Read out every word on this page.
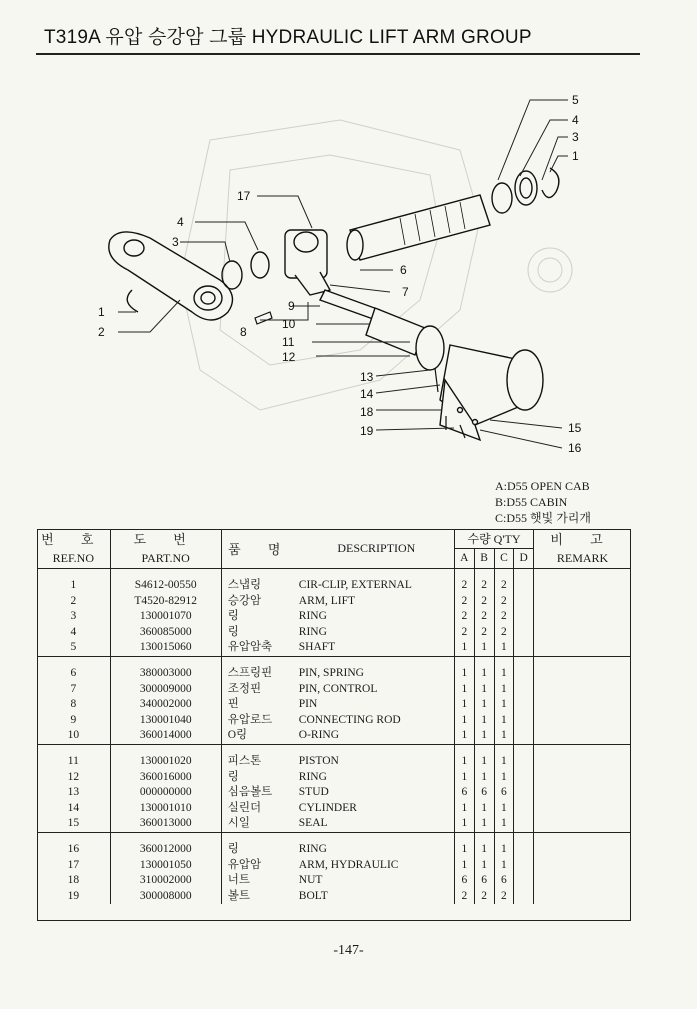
T319A 유압 승강암 그룹 HYDRAULIC LIFT ARM GROUP
5
4
3
1
17
4
3
1
2
6
7
8
9
10
11
12
13
14
18
19	15
16
A:D55 OPEN CAB
B:D55 CABIN
C:D55 햇빛 가리개
번 호	도 번	품 명	DESCRIPTION	수량 Q'TY				비 고
REF.NO	PART.NO			A	B	C	D	REMARK

1	S4612-00550	스냅링	CIR-CLIP, EXTERNAL	2	2	2		
2	T4520-82912	승강암	ARM, LIFT	2	2	2		
3	130001070	링	RING	2	2	2		
4	360085000	링	RING	2	2	2		
5	130015060	유압암축	SHAFT	1	1	1		

6	380003000	스프링핀	PIN, SPRING	1	1	1		
7	300009000	조정핀	PIN, CONTROL	1	1	1		
8	340002000	핀	PIN	1	1	1		
9	130001040	유압로드	CONNECTING ROD	1	1	1		
10	360014000	O링	O-RING	1	1	1		

11	130001020	피스톤	PISTON	1	1	1		
12	360016000	링	RING	1	1	1		
13	000000000	심음볼트	STUD	6	6	6		
14	130001010	실린더	CYLINDER	1	1	1		
15	360013000	시일	SEAL	1	1	1		

16	360012000	링	RING	1	1	1		
17	130001050	유압암	ARM, HYDRAULIC	1	1	1		
18	310002000	너트	NUT	6	6	6		
19	300008000	볼트	BOLT	2	2	2		
-147-
